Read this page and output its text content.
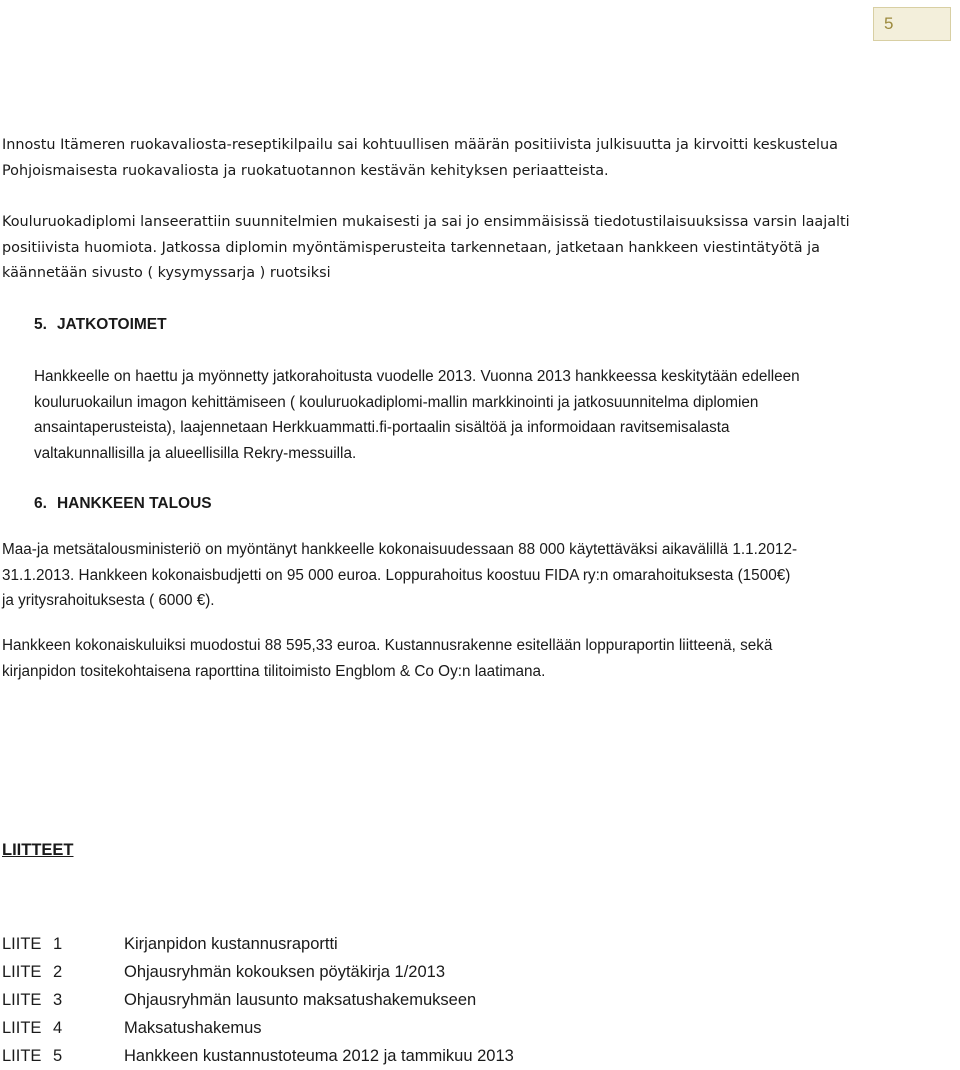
5

Innostu Itämeren ruokavaliosta-reseptikilpailu sai kohtuullisen määrän positiivista julkisuutta ja kirvoitti keskustelua
Pohjoismaisesta ruokavaliosta ja ruokatuotannon kestävän kehityksen periaatteista.

Kouluruokadiplomi lanseerattiin suunnitelmien mukaisesti ja sai jo ensimmäisissä tiedotustilaisuuksissa varsin laajalti
positiivista huomiota. Jatkossa diplomin myöntämisperusteita tarkennetaan, jatketaan hankkeen viestintätyötä ja
käännetään sivusto ( kysymyssarja ) ruotsiksi

5. JATKOTOIMET

Hankkeelle on haettu ja myönnetty jatkorahoitusta vuodelle 2013. Vuonna 2013 hankkeessa keskitytään edelleen
kouluruokailun imagon kehittämiseen ( kouluruokadiplomi-mallin markkinointi ja jatkosuunnitelma diplomien
ansaintaperusteista), laajennetaan Herkkuammatti.fi-portaalin sisältöä ja informoidaan ravitsemisalasta
valtakunnallisilla ja alueellisilla Rekry-messuilla.

6. HANKKEEN TALOUS

Maa-ja metsätalousministeriö on myöntänyt hankkeelle kokonaisuudessaan 88 000 käytettäväksi aikavälillä 1.1.2012-
31.1.2013. Hankkeen kokonaisbudjetti on 95 000 euroa. Loppurahoitus koostuu FIDA ry:n omarahoituksesta (1500€)
ja yritysrahoituksesta ( 6000 €).

Hankkeen kokonaiskuluiksi muodostui 88 595,33 euroa. Kustannusrakenne esitellään loppuraportin liitteenä, sekä
kirjanpidon tositekohtaisena raporttina tilitoimisto Engblom & Co Oy:n laatimana.

LIITTEET
LIITE 1	Kirjanpidon kustannusraportti
LIITE 2	Ohjausryhmän kokouksen pöytäkirja 1/2013
LIITE 3	Ohjausryhmän lausunto maksatushakemukseen
LIITE 4	Maksatushakemus
LIITE 5	Hankkeen kustannustoteuma 2012 ja tammikuu 2013
